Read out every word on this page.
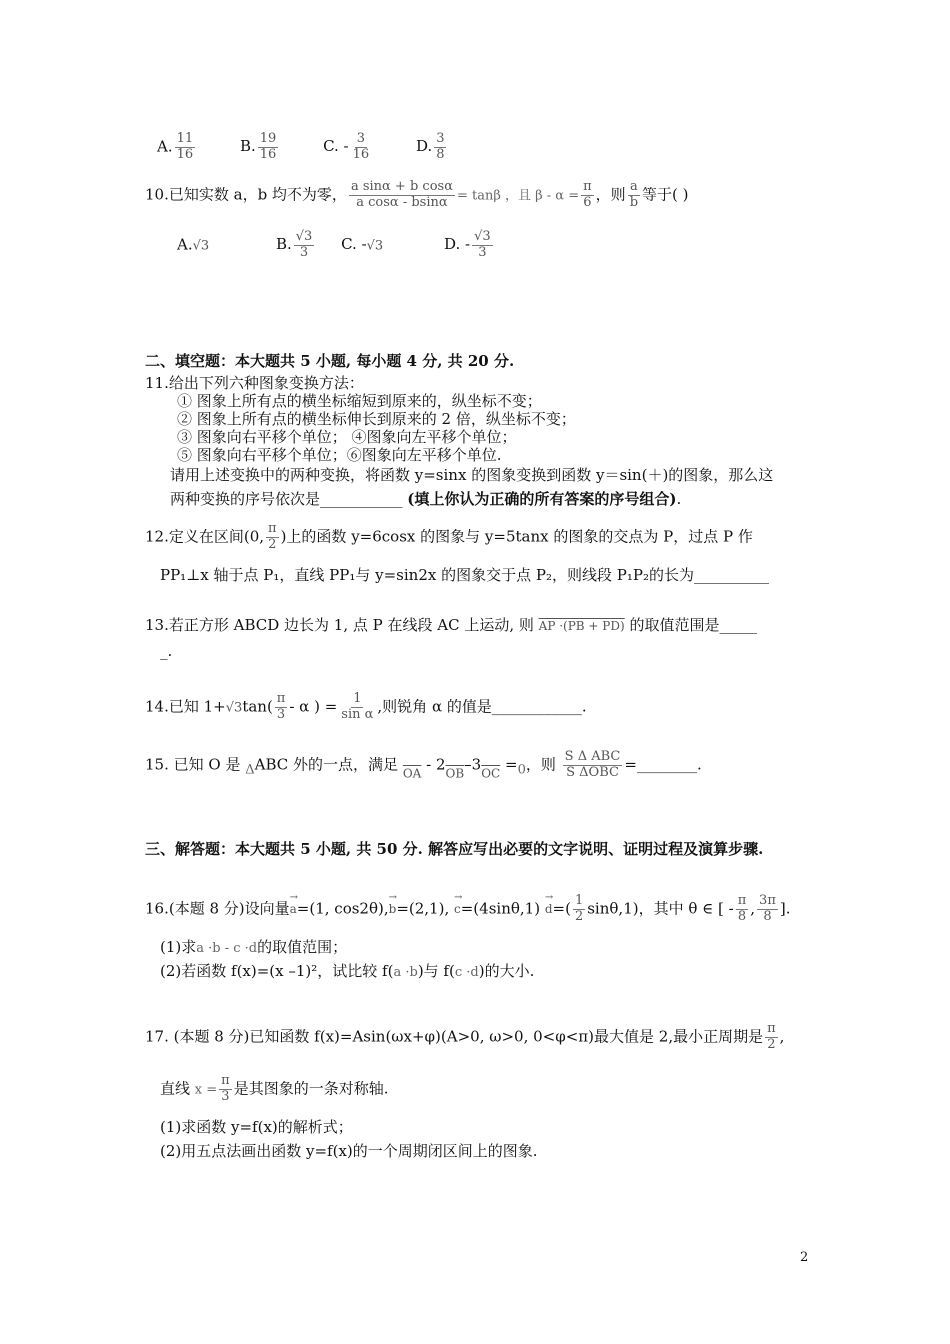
A. $\frac{11}{16}$	B. $\frac{19}{16}$	C. - $\frac{3}{16}$	D. $\frac{3}{8}$
10.已知实数 a，b 均不为零， $\frac{\text{a sinα + b cosα}}{\text{a cosα - bsinα}} = \tan\beta$ ，且 $\beta - \alpha = \frac{\pi}{6}$ ，则 $\frac{a}{b}$ 等于( )
A.√3	B. $\frac{√3}{3} C$. -√3	D. - $\frac{√3}{3}$
二、填空题：本大题共 5 小题, 每小题 4 分, 共 20 分.
11.给出下列六种图象变换方法：
① 图象上所有点的横坐标缩短到原来的，纵坐标不变；
② 图象上所有点的横坐标伸长到原来的 2 倍，纵坐标不变；
③ 图象向右平移个单位； ④图象向左平移个单位；
⑤ 图象向右平移个单位；⑥图象向左平移个单位.
请用上述变换中的两种变换，将函数 y=sinx 的图象变换到函数 y＝sin(＋)的图象，那么这
两种变换的序号依次是___________ (填上你认为正确的所有答案的序号组合).
12.定义在区间(0, $\frac{\pi}{2}$ )上的函数 y=6cosx 的图象与 y=5tanx 的图象的交点为 P，过点 P 作
PP₁⊥x 轴于点 P₁，直线 PP₁与 y=sin2x 的图象交于点 P₂，则线段 P₁P₂的长为__________
13.若正方形 ABCD 边长为 1, 点 P 在线段 AC 上运动, 则 AP ·(PB + PD) 的取值范围是_____
_.
14.已知 $1+√3\tan( \frac{\pi}{3} - \alpha$ ) = $\frac{1}{\text{sin α}}$ ,则锐角 α 的值是____________.
15. 已知 O 是 $_\Delta$ABC 外的一点，满足 $_{\overline{OA}} - 2_{\overline{OB}}-3_{\overline{OC}} =_0$，则 $\frac{\text{S Δ ABC}}{\text{S ΔOBC}}$ =________.
三、解答题：本大题共 5 小题, 共 50 分. 解答应写出必要的文字说明、证明过程及演算步骤.
16.(本题 8 分)设向量→ a=(1, cos2θ),→ b=(2,1), → $c=(4\sin\theta,1) \to d=( \frac{1}{2} \sin\theta,1)$，其中 θ ∈ [ - $\frac{\pi}{8}$ , $\frac{3\pi}{8}$ ].
(1)求a ·b - c ·d的取值范围；
(2)若函数 f(x)=(x –1)²，试比较 f(a ·b)与 f(c ·d)的大小.
17. (本题 8 分)已知函数 f(x)=Asin(ωx+φ)(A>0, ω>0, 0<φ<π)最大值是 2,最小正周期是 $\frac{\pi}{2}$ ,
直线 $x = \frac{\pi}{3}$ 是其图象的一条对称轴.
(1)求函数 y=f(x)的解析式；
(2)用五点法画出函数 y=f(x)的一个周期闭区间上的图象.
2
